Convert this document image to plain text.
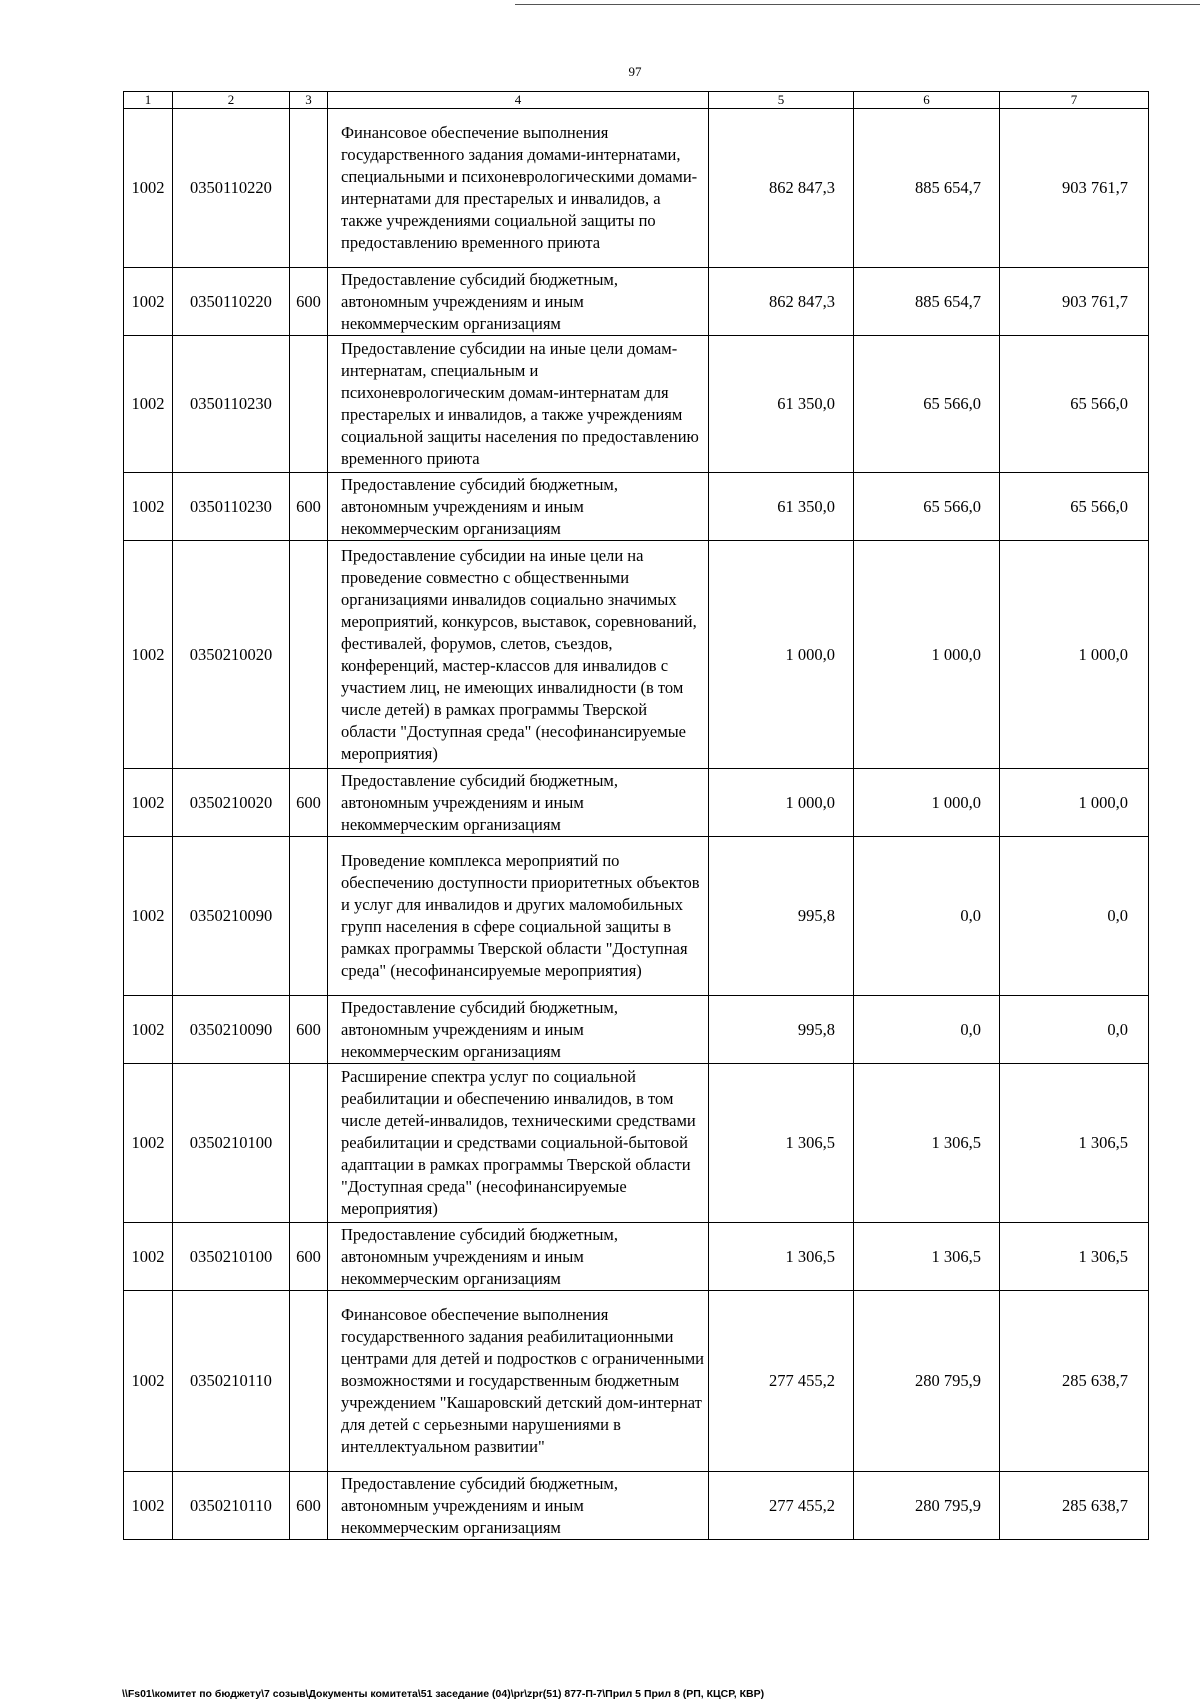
97
1	2	3	4	5	6	7
1002	0350110220		Финансовое обеспечение выполнения государственного задания домами-интернатами, специальными и психоневрологическими домами-интернатами для престарелых и инвалидов, а также учреждениями социальной защиты по предоставлению временного приюта	862 847,3	885 654,7	903 761,7
1002	0350110220	600	Предоставление субсидий бюджетным, автономным учреждениям и иным некоммерческим организациям	862 847,3	885 654,7	903 761,7
1002	0350110230		Предоставление субсидии на иные цели домам-интернатам, специальным и психоневрологическим домам-интернатам для престарелых и инвалидов, а также учреждениям социальной защиты населения по предоставлению временного приюта	61 350,0	65 566,0	65 566,0
1002	0350110230	600	Предоставление субсидий бюджетным, автономным учреждениям и иным некоммерческим организациям	61 350,0	65 566,0	65 566,0
1002	0350210020		Предоставление субсидии на иные цели на проведение совместно с общественными организациями инвалидов социально значимых мероприятий, конкурсов, выставок, соревнований, фестивалей, форумов, слетов, съездов, конференций, мастер-классов для инвалидов с участием лиц, не имеющих инвалидности (в том числе детей) в рамках программы Тверской области "Доступная среда" (несофинансируемые мероприятия)	1 000,0	1 000,0	1 000,0
1002	0350210020	600	Предоставление субсидий бюджетным, автономным учреждениям и иным некоммерческим организациям	1 000,0	1 000,0	1 000,0
1002	0350210090		Проведение комплекса мероприятий по обеспечению доступности приоритетных объектов и услуг для инвалидов и других маломобильных групп населения в сфере социальной защиты в рамках программы Тверской области "Доступная среда" (несофинансируемые мероприятия)	995,8	0,0	0,0
1002	0350210090	600	Предоставление субсидий бюджетным, автономным учреждениям и иным некоммерческим организациям	995,8	0,0	0,0
1002	0350210100		Расширение спектра услуг по социальной реабилитации и обеспечению инвалидов, в том числе детей-инвалидов, техническими средствами реабилитации и средствами социальной-бытовой адаптации в рамках программы Тверской области "Доступная среда" (несофинансируемые мероприятия)	1 306,5	1 306,5	1 306,5
1002	0350210100	600	Предоставление субсидий бюджетным, автономным учреждениям и иным некоммерческим организациям	1 306,5	1 306,5	1 306,5
1002	0350210110		Финансовое обеспечение выполнения государственного задания реабилитационными центрами для детей и подростков с ограниченными возможностями и государственным бюджетным учреждением "Кашаровский детский дом-интернат для детей с серьезными нарушениями в интеллектуальном развитии"	277 455,2	280 795,9	285 638,7
1002	0350210110	600	Предоставление субсидий бюджетным, автономным учреждениям и иным некоммерческим организациям	277 455,2	280 795,9	285 638,7
\\Fs01\комитет по бюджету\7 созыв\Документы комитета\51 заседание (04)\pr\zpr(51) 877-П-7\Прил 5 Прил 8 (РП, КЦСР, КВР)
